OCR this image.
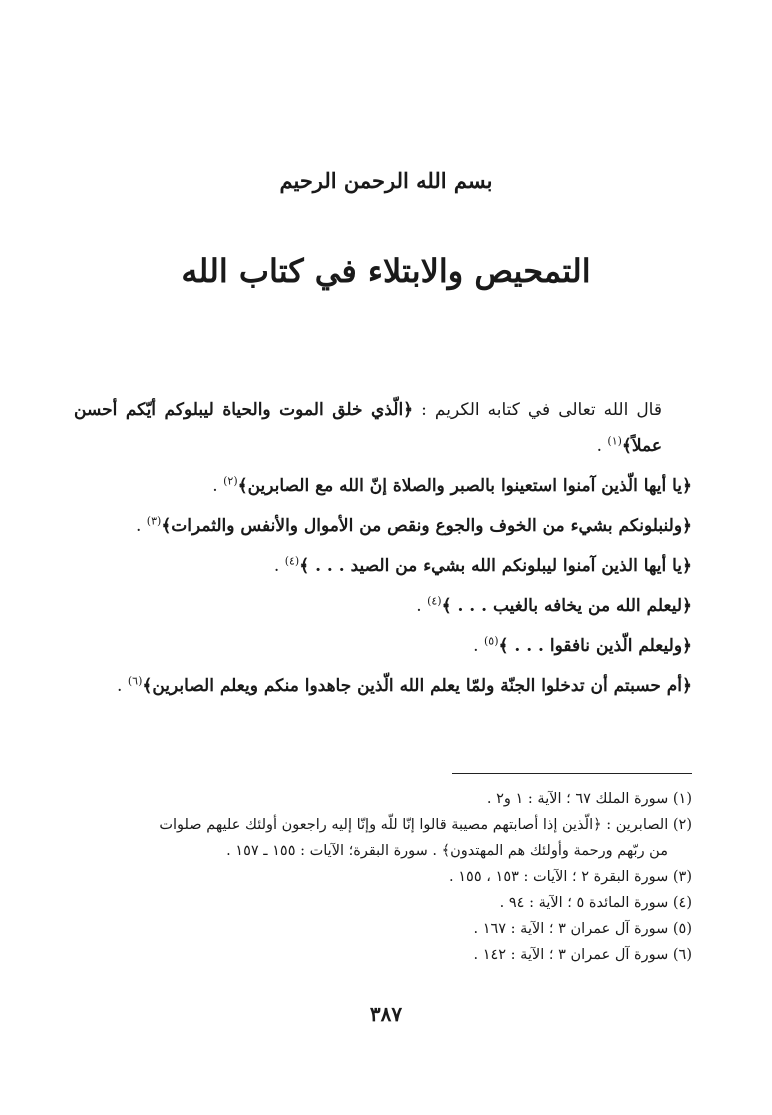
بسم الله الرحمن الرحيم
التمحيص والابتلاء في كتاب الله

قال الله تعالى في كتابه الكريم : ﴿الّذي خلق الموت والحياة ليبلوكم أيّكم أحسن عملاً﴾$^{(١)}$ .

﴿يا أيها الّذين آمنوا استعينوا بالصبر والصلاة إنّ الله مع الصابرين﴾$^{(٢)}$ .

﴿ولنبلونكم بشيء من الخوف والجوع ونقص من الأموال والأنفس والثمرات﴾$^{(٣)}$ .

﴿يا أيها الذين آمنوا ليبلونكم الله بشيء من الصيد . . . ﴾$^{(٤)}$ .

﴿ليعلم الله من يخافه بالغيب . . . ﴾$^{(٤)}$ .

﴿وليعلم الّذين نافقوا . . . ﴾$^{(٥)}$ .

﴿أم حسبتم أن تدخلوا الجنّة ولمّا يعلم الله الّذين جاهدوا منكم ويعلم الصابرين﴾$^{(٦)}$ .

(١) سورة الملك ٦٧ ؛ الآية : ١ و٢ .

(٢) الصابرين : ﴿الّذين إذا أصابتهم مصيبة قالوا إنّا للّه وإنّا إليه راجعون أولئك عليهم صلوات

من ربّهم ورحمة وأولئك هم المهتدون﴾ . سورة البقرة؛ الآيات : ١٥٥ ـ ١٥٧ .

(٣) سورة البقرة ٢ ؛ الآيات : ١٥٣ ، ١٥٥ .

(٤) سورة المائدة ٥ ؛ الآية : ٩٤ .

(٥) سورة آل عمران ٣ ؛ الآية : ١٦٧ .

(٦) سورة آل عمران ٣ ؛ الآية : ١٤٢ .

٣٨٧
